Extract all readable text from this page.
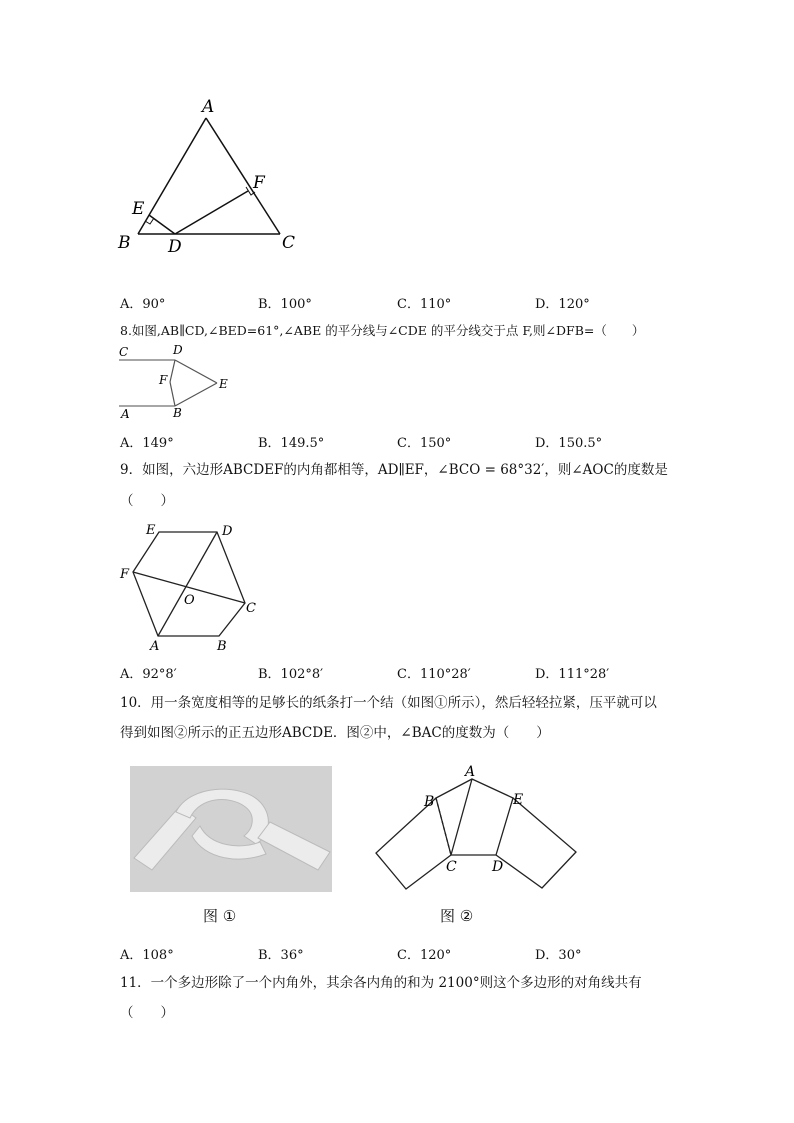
A
F
E
B D	C
A．90°	B．100°	C．110°	D．120°
8.如图,AB∥CD,∠BED=61°,∠ABE 的平分线与∠CDE 的平分线交于点 F,则∠DFB=（　　）
C	D
F	E
A	B
A．149°	B．149.5°	C．150°	D．150.5°
9．如图，六边形ABCDEF的内角都相等，AD∥EF，∠BCO = 68°32′，则∠AOC的度数是
（　　）
E	D
F
O
C
A	B
A．92°8′	B．102°8′	C．110°28′	D．111°28′
10．用一条宽度相等的足够长的纸条打一个结（如图①所示），然后轻轻拉紧，压平就可以
得到如图②所示的正五边形ABCDE．图②中，∠BAC的度数为（　　）
图 ①
A
B	E
C	D
图 ②
A．108°	B．36°	C．120°	D．30°
11．一个多边形除了一个内角外，其余各内角的和为 2100°则这个多边形的对角线共有
（　　）
